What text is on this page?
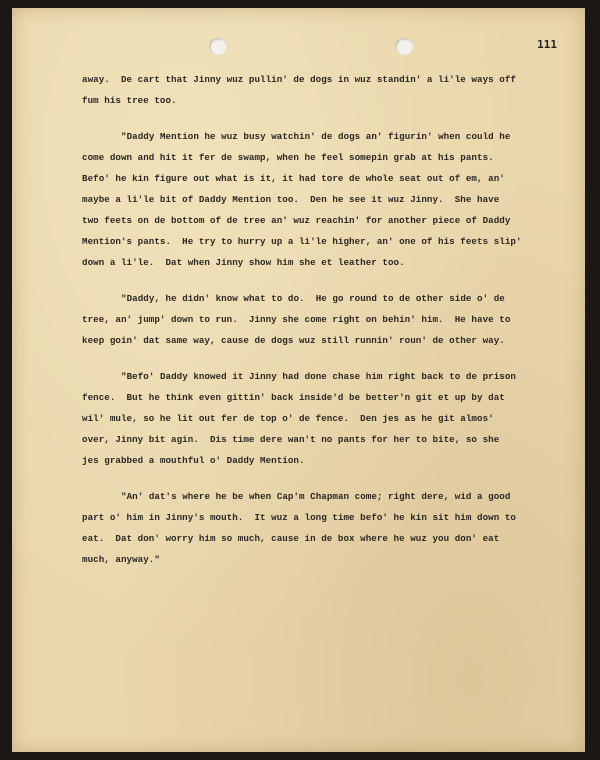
111
away.  De cart that Jinny wuz pullin' de dogs in wuz standin' a li'le ways off
fum his tree too.
"Daddy Mention he wuz busy watchin' de dogs an' figurin' when could he
come down and hit it fer de swamp, when he feel somepin grab at his pants.
Befo' he kin figure out what is it, it had tore de whole seat out of em, an'
maybe a li'le bit of Daddy Mention too.  Den he see it wuz Jinny.  She have
two feets on de bottom of de tree an' wuz reachin' for another piece of Daddy
Mention's pants.  He try to hurry up a li'le higher, an' one of his feets slip'
down a li'le.  Dat when Jinny show him she et leather too.
"Daddy, he didn' know what to do.  He go round to de other side o' de
tree, an' jump' down to run.  Jinny she come right on behin' him.  He have to
keep goin' dat same way, cause de dogs wuz still runnin' roun' de other way.
"Befo' Daddy knowed it Jinny had done chase him right back to de prison
fence.  But he think even gittin' back inside'd be better'n git et up by dat
wil' mule, so he lit out fer de top o' de fence.  Den jes as he git almos'
over, Jinny bit agin.  Dis time dere wan't no pants for her to bite, so she
jes grabbed a mouthful o' Daddy Mention.
"An' dat's where he be when Cap'm Chapman come; right dere, wid a good
part o' him in Jinny's mouth.  It wuz a long time befo' he kin sit him down to
eat.  Dat don' worry him so much, cause in de box where he wuz you don' eat
much, anyway."
